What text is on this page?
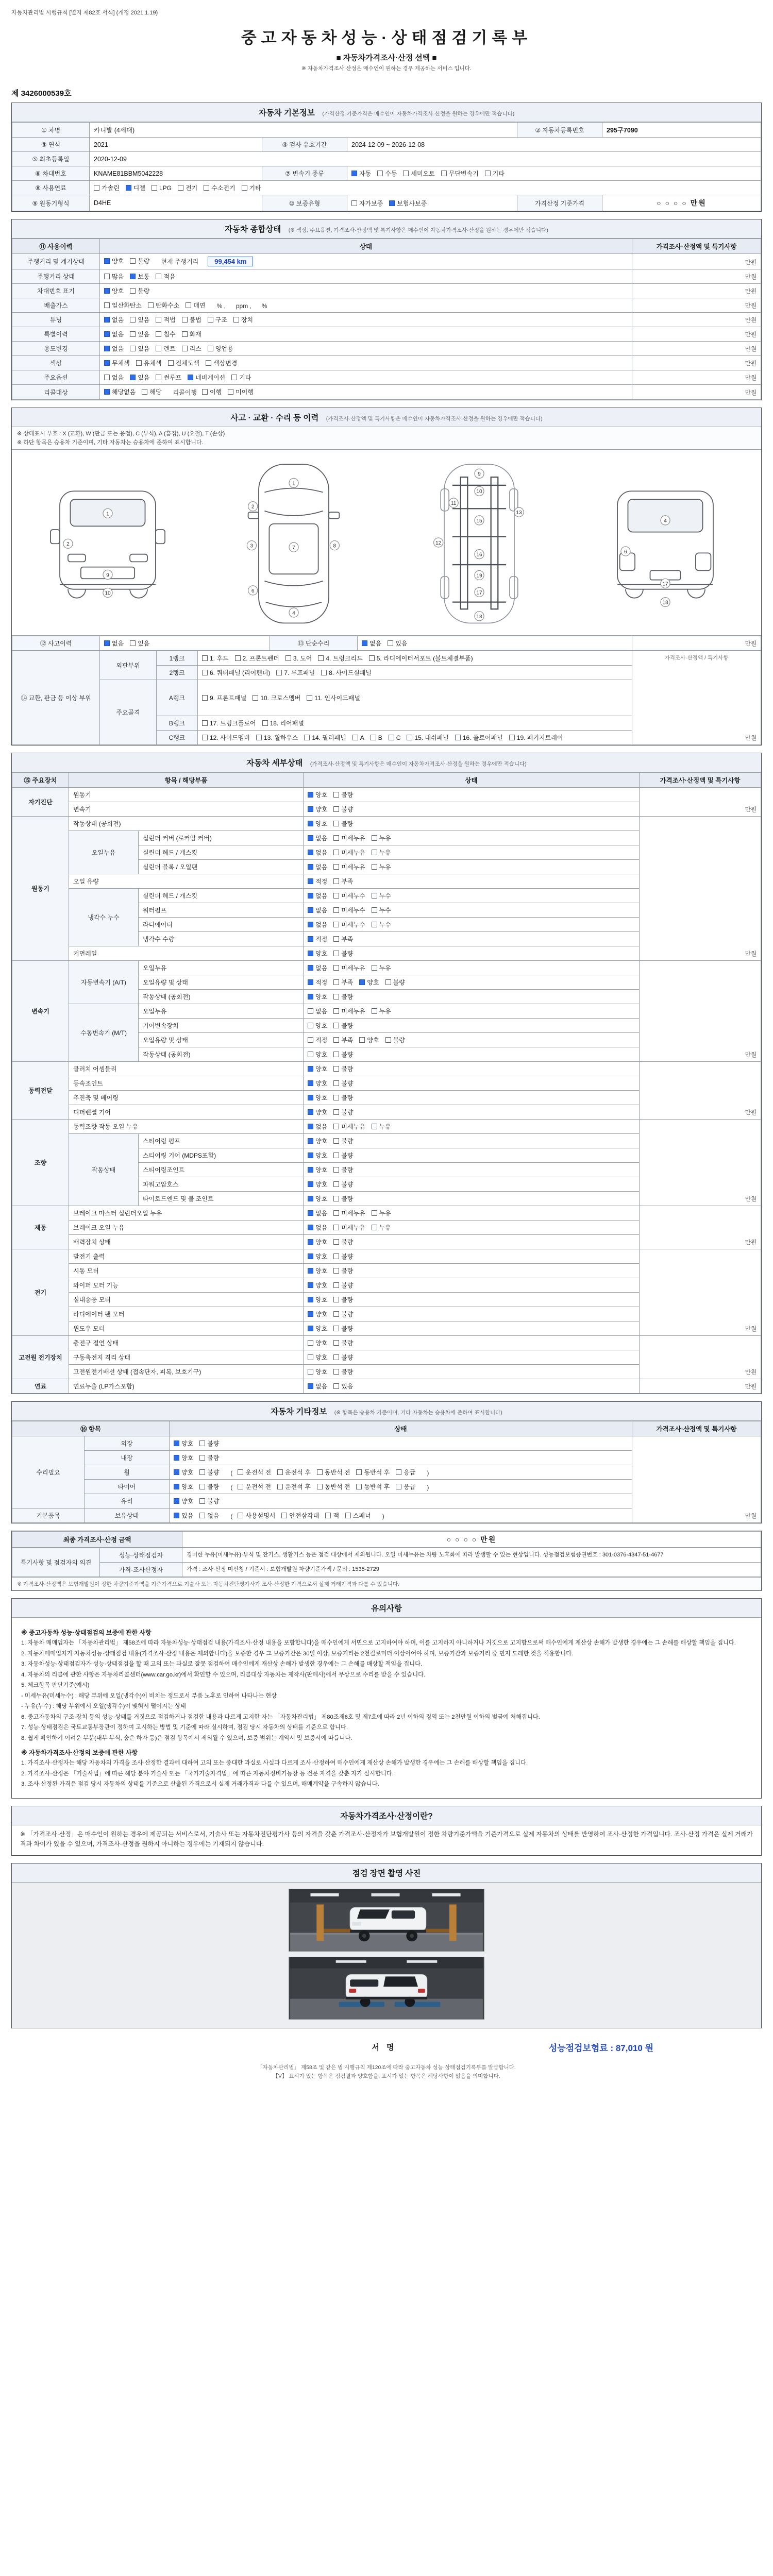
자동차관리법 시행규칙 [별지 제82호 서식] (개정 2021.1.19)
중고자동차성능·상태점검기록부
■ 자동차가격조사·산정 선택 ■
※ 자동차가격조사·산정은 매수인이 원하는 경우 제공하는 서비스 입니다.
제 3426000539호
자동차 기본정보 (가격산정 기준가격은 매수인이 자동차가격조사·산정을 원하는 경우에만 적습니다)
① 차명	카니발 (4세대)			② 자동차등록번호	295구7090
③ 연식	2021	④ 검사 유효기간	2024-12-09 ~ 2026-12-08		
⑤ 최초등록일	2020-12-09				
⑥ 차대번호	KNAME81BBM5042228	⑦ 변속기 종류	자동 수동 세미오토 무단변속기 기타		

⑧ 사용연료	가솔린 디젤 LPG 전기 수소전기 기타

⑨ 원동기형식	D4HE	⑩ 보증유형	자가보증 보험사보증	가격산정 기준가격	○ ○ ○ ○ 만원
자동차 종합상태 (※ 색상, 주요옵션, 가격조사·산정액 및 특기사항은 매수인이 자동차가격조사·산정을 원하는 경우에만 적습니다)
⑪ 사용이력	상태	가격조사·산정액 및 특기사항
주행거리 및 계기상태	양호 불량 현재 주행거리 99,454 km	만원
주행거리 상태	많음 보통 적음	만원
차대번호 표기	양호 불량	만원
배출가스	일산화탄소 탄화수소 매연 % , ppm , %	만원
튜닝	없음 있음 적법 불법 구조 장치	만원
특별이력	없음 있음 침수 화재	만원
용도변경	없음 있음 렌트 리스 영업용	만원
색상	무채색 유채색 전체도색 색상변경	만원
주요옵션	없음 있음 썬루프 네비게이션 기타	만원
리콜대상	해당없음 해당 리콜이행 이행 미이행	만원
사고 · 교환 · 수리 등 이력 (가격조사·산정액 및 특기사항은 매수인이 자동차가격조사·산정을 원하는 경우에만 적습니다)
※ 상태표시 부호 : X (교환), W (판금 또는 용접), C (부식), A (흠집), U (요철), T (손상)
※ 하단 항목은 승용차 기준이며, 기타 자동차는 승용차에 준하여 표시합니다.
1
2
9
10
1
2
3
4
6
7	8
9
10
11
12
13
15
16
17
18
19
4
6
17
18
⑫ 사고이력	없음 있음	⑬ 단순수리	없음 있음	만원
⑭ 교환, 판금 등 이상 부위	외판부위	1랭크	1. 후드 2. 프론트펜더 3. 도어 4. 트렁크리드 5. 라디에이터서포트 (볼트체결부품)	가격조사·산정액 / 특기사항
만원

		2랭크	6. 쿼터패널 (리어펜더) 7. 루프패널 8. 사이드실패널	

	주요골격	A랭크	9. 프론트패널 10. 크로스멤버 11. 인사이드패널	

		B랭크	17. 트렁크플로어 18. 리어패널	

C랭크	12. 사이드멤버 13. 휠하우스 14. 필러패널 A B C 15. 대쉬패널 16. 플로어패널 19. 패키지트레이
자동차 세부상태 (가격조사·산정액 및 특기사항은 매수인이 자동차가격조사·산정을 원하는 경우에만 적습니다)
⑮ 주요장치	항목 / 해당부품		상태	가격조사·산정액 및 특기사항
자기진단	원동기		양호 불량	만원
	변속기		양호 불량	

원동기	작동상태 (공회전)		양호 불량	만원
	오일누유	실린더 커버 (로커암 커버)	없음 미세누유 누유	

		실린더 헤드 / 개스킷	없음 미세누유 누유	

		실린더 블록 / 오일팬	없음 미세누유 누유	

	오일 유량		적정 부족	

	냉각수 누수	실린더 헤드 / 개스킷	없음 미세누수 누수	

		워터펌프	없음 미세누수 누수	

		라디에이터	없음 미세누수 누수	

		냉각수 수량	적정 부족	

	커먼레일		양호 불량	

변속기	자동변속기 (A/T)	오일누유	없음 미세누유 누유	만원
		오일유량 및 상태	적정 부족 양호 불량	

		작동상태 (공회전)	양호 불량	

	수동변속기 (M/T)	오일누유	없음 미세누유 누유	

		기어변속장치	양호 불량	

		오일유량 및 상태	적정 부족 양호 불량	

		작동상태 (공회전)	양호 불량	

동력전달	클러치 어셈블리		양호 불량	만원
	등속조인트		양호 불량	

	추진축 및 베어링		양호 불량	

	디퍼렌셜 기어		양호 불량	

조향	동력조향 작동 오일 누유		없음 미세누유 누유	만원
	작동상태	스티어링 펌프	양호 불량	

		스티어링 기어 (MDPS포함)	양호 불량	

		스티어링조인트	양호 불량	

		파워고압호스	양호 불량	

		타이로드엔드 및 볼 조인트	양호 불량	

제동	브레이크 마스터 실린더오일 누유		없음 미세누유 누유	만원
	브레이크 오일 누유		없음 미세누유 누유	

	배력장치 상태		양호 불량	

전기	발전기 출력		양호 불량	만원
	시동 모터		양호 불량	

	와이퍼 모터 기능		양호 불량	

	실내송풍 모터		양호 불량	

	라디에이터 팬 모터		양호 불량	

	윈도우 모터		양호 불량	

고전원 전기장치	충전구 절연 상태		양호 불량	만원
	구동축전지 격리 상태		양호 불량	

	고전원전기배선 상태 (접속단자, 피복, 보호기구)		양호 불량	

연료	연료누출 (LP가스포함)		없음 있음	만원
자동차 기타정보 (※ 항목은 승용차 기준이며, 기타 자동차는 승용차에 준하여 표시합니다)
⑯ 항목		상태	가격조사·산정액 및 특기사항
수리필요	외장	양호 불량	만원
	내장	양호 불량	

휠	양호 불량 ( 운전석 전 운전석 후 동반석 전 동반석 후 응급 )
타이어	양호 불량 ( 운전석 전 운전석 후 동반석 전 동반석 후 응급 )
	유리	양호 불량	

기본품목	보유상태	있음 없음 ( 사용설명서 안전삼각대 잭 스패너 )
최종 가격조사·산정 금액	○ ○ ○ ○ 만원
특기사항 및 점검자의 의견	성능·상태점검자	경미한 누유(미세누유)·부식 및 잔기스, 생활기스 등은 점검 대상에서 제외됩니다. 오일 미세누유는 차량 노후화에 따라 발생할 수 있는 현상입니다. 성능점검보험증권번호 : 301-0376-4347-51-4677
	가격·조사산정자	가격 : 조사·산정 미신청 / 기준서 : 보험개발원 차량기준가액 / 문의 : 1535-2729
※ 가격조사·산정액은 보험개발원이 정한 차량기준가액을 기준가격으로 기술사 또는 자동차진단평가사가 조사·산정한 가격으로서 실제 거래가격과 다를 수 있습니다.
유의사항
※ 중고자동차 성능·상태점검의 보증에 관한 사항
1. 자동차 매매업자는 「자동차관리법」 제58조에 따라 자동차성능·상태점검 내용(가격조사·산정 내용을 포함합니다)을 매수인에게 서면으로 고지하여야 하며, 이를 고지하지 아니하거나 거짓으로 고지함으로써 매수인에게 재산상 손해가 발생한 경우에는 그 손해를 배상할 책임을 집니다.
2. 자동차매매업자가 자동차성능·상태점검 내용(가격조사·산정 내용은 제외합니다)을 보증한 경우 그 보증기간은 30일 이상, 보증거리는 2천킬로미터 이상이어야 하며, 보증기간과 보증거리 중 먼저 도래한 것을 적용합니다.
3. 자동차성능·상태점검자가 성능·상태점검을 할 때 고의 또는 과실로 잘못 점검하여 매수인에게 재산상 손해가 발생한 경우에는 그 손해를 배상할 책임을 집니다.
4. 자동차의 리콜에 관한 사항은 자동차리콜센터(www.car.go.kr)에서 확인할 수 있으며, 리콜대상 자동차는 제작사(판매사)에서 무상으로 수리를 받을 수 있습니다.
5. 체크항목 판단기준(예시)
- 미세누유(미세누수) : 해당 부위에 오일(냉각수)이 비치는 정도로서 부품 노후로 인하여 나타나는 현상
- 누유(누수) : 해당 부위에서 오일(냉각수)이 맺혀서 떨어지는 상태
6. 중고자동차의 구조·장치 등의 성능·상태를 거짓으로 점검하거나 점검한 내용과 다르게 고지한 자는 「자동차관리법」 제80조제6호 및 제7호에 따라 2년 이하의 징역 또는 2천만원 이하의 벌금에 처해집니다.
7. 성능·상태점검은 국토교통부장관이 정하여 고시하는 방법 및 기준에 따라 실시하며, 점검 당시 자동차의 상태를 기준으로 합니다.
8. 쉽게 확인하기 어려운 부분(내부 부식, 숨은 하자 등)은 점검 항목에서 제외될 수 있으며, 보증 범위는 계약서 및 보증서에 따릅니다.
※ 자동차가격조사·산정의 보증에 관한 사항
1. 가격조사·산정자는 해당 자동차의 가격을 조사·산정한 결과에 대하여 고의 또는 중대한 과실로 사실과 다르게 조사·산정하여 매수인에게 재산상 손해가 발생한 경우에는 그 손해를 배상할 책임을 집니다.
2. 가격조사·산정은 「기술사법」에 따른 해당 분야 기술사 또는 「국가기술자격법」에 따른 자동차정비기능장 등 전문 자격을 갖춘 자가 실시합니다.
3. 조사·산정된 가격은 점검 당시 자동차의 상태를 기준으로 산출된 가격으로서 실제 거래가격과 다를 수 있으며, 매매계약을 구속하지 않습니다.
자동차가격조사·산정이란?
※ 「가격조사·산정」은 매수인이 원하는 경우에 제공되는 서비스로서, 기술사 또는 자동차진단평가사 등의 자격을 갖춘 가격조사·산정자가 보험개발원이 정한 차량기준가액을 기준가격으로 실제 자동차의 상태를 반영하여 조사·산정한 가격입니다. 조사·산정 가격은 실제 거래가격과 차이가 있을 수 있으며, 가격조사·산정을 원하지 아니하는 경우에는 기재되지 않습니다.
점검 장면 촬영 사진
서명	성능점검보험료 : 87,010 원
「자동차관리법」 제58조 및 같은 법 시행규칙 제120조에 따라 중고자동차 성능·상태점검기록부를 발급합니다.
【V】 표시가 있는 항목은 점검결과 양호함을, 표시가 없는 항목은 해당사항이 없음을 의미합니다.
